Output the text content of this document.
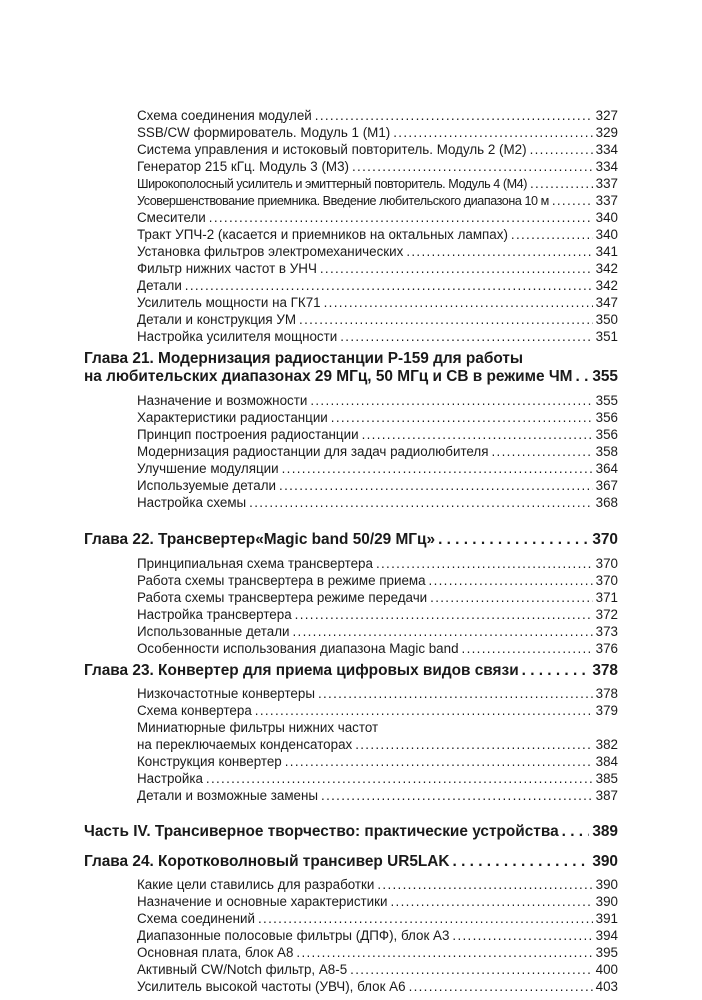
Схема соединения модулей . . .	327
SSB/CW формирователь. Модуль 1 (М1) . . .	329
Система управления и истоковый повторитель. Модуль 2 (М2) . . .	334
Генератор 215 кГц. Модуль 3 (М3) . . .	334
Широкополосный усилитель и эмиттерный повторитель. Модуль 4 (М4) . . .	337
Усовершенствование приемника. Введение любительского диапазона 10 м . . .	337
Смесители . . .	340
Тракт УПЧ-2 (касается и приемников на октальных лампах) . . .	340
Установка фильтров электромеханических . . .	341
Фильтр нижних частот в УНЧ . . .	342
Детали . . .	342
Усилитель мощности на ГК71 . . .	347
Детали и конструкция УМ . . .	350
Настройка усилителя мощности . . .	351
Глава 21. Модернизация радиостанции Р-159 для работы
на любительских диапазонах 29 МГц, 50 МГц и СВ в режиме ЧМ . . . 355
Назначение и возможности . . .	355
Характеристики радиостанции . . .	356
Принцип построения радиостанции . . .	356
Модернизация радиостанции для задач радиолюбителя . . .	358
Улучшение модуляции . . .	364
Используемые детали . . .	367
Настройка схемы . . .	368
Глава 22. Трансвертер«Magic band 50/29 МГц» . . .	370
Принципиальная схема трансвертера . . .	370
Работа схемы трансвертера в режиме приема . . .	370
Работа схемы трансвертера режиме передачи . . .	371
Настройка трансвертера . . .	372
Использованные детали . . .	373
Особенности использования диапазона Magic band . . .	376
Глава 23. Конвертер для приема цифровых видов связи . . .	378
Низкочастотные конвертеры . . .	378
Схема конвертера . . .	379
Миниатюрные фильтры нижних частот
на переключаемых конденсаторах . . .	382
Конструкция конвертер . . .	384
Настройка . . .	385
Детали и возможные замены . . .	387
Часть IV. Трансиверное творчество: практические устройства . . . 389
Глава 24. Коротковолновый трансивер UR5LAK . . .	390
Какие цели ставились для разработки . . .	390
Назначение и основные характеристики . . .	390
Схема соединений . . .	391
Диапазонные полосовые фильтры (ДПФ), блок А3 . . .	394
Основная плата, блок А8 . . .	395
Активный CW/Notch фильтр, А8-5 . . .	400
Усилитель высокой частоты (УВЧ), блок А6 . . .	403
